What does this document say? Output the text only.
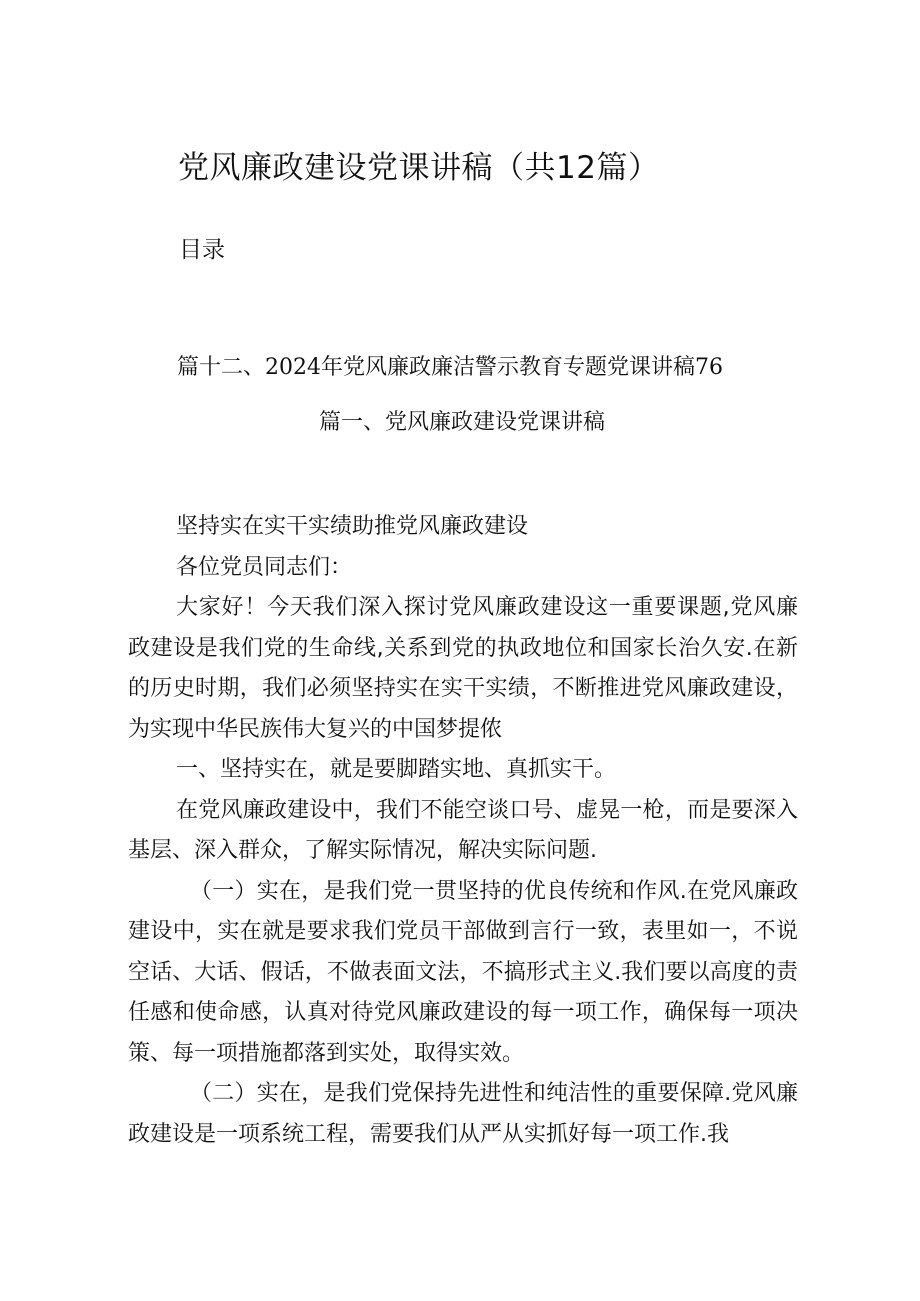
党风廉政建设党课讲稿（共12篇）
目录
篇十二、2024年党风廉政廉洁警示教育专题党课讲稿76
篇一、党风廉政建设党课讲稿

坚持实在实干实绩助推党风廉政建设

各位党员同志们：

大家好！今天我们深入探讨党风廉政建设这一重要课题,党风廉政建设是我们党的生命线,关系到党的执政地位和国家长治久安.在新的历史时期，我们必须坚持实在实干实绩，不断推进党风廉政建设，为实现中华民族伟大复兴的中国梦提侬

一、坚持实在，就是要脚踏实地、真抓实干。

在党风廉政建设中，我们不能空谈口号、虚晃一枪，而是要深入基层、深入群众，了解实际情况，解决实际问题.

（一）实在，是我们党一贯坚持的优良传统和作风.在党风廉政建设中，实在就是要求我们党员干部做到言行一致，表里如一，不说空话、大话、假话，不做表面文法，不搞形式主义.我们要以高度的责任感和使命感，认真对待党风廉政建设的每一项工作，确保每一项决策、每一项措施都落到实处，取得实效。

（二）实在，是我们党保持先进性和纯洁性的重要保障.党风廉政建设是一项系统工程，需要我们从严从实抓好每一项工作.我
